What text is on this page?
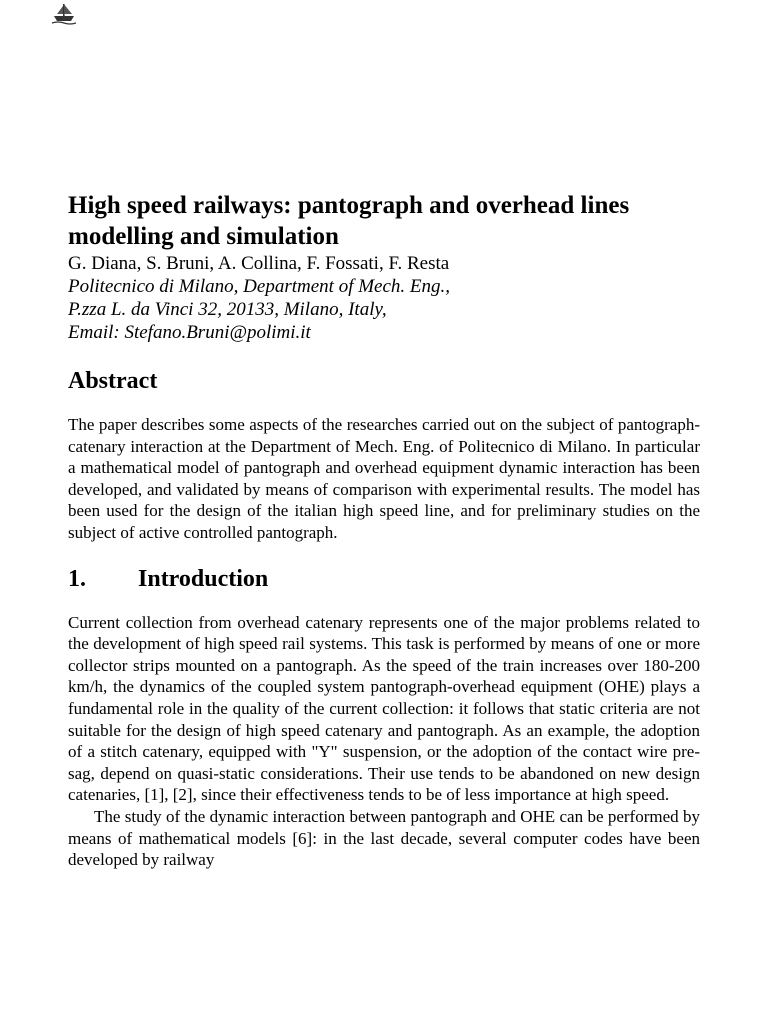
High speed railways: pantograph and overhead lines modelling and simulation

G. Diana, S. Bruni, A. Collina, F. Fossati, F. Resta

Politecnico di Milano, Department of Mech. Eng.,

P.zza L. da Vinci 32, 20133, Milano, Italy,

Email: Stefano.Bruni@polimi.it

Abstract

The paper describes some aspects of the researches carried out on the subject of pantograph-catenary interaction at the Department of Mech. Eng. of Politecnico di Milano. In particular a mathematical model of pantograph and overhead equipment dynamic interaction has been developed, and validated by means of comparison with experimental results. The model has been used for the design of the italian high speed line, and for preliminary studies on the subject of active controlled pantograph.

1.	Introduction

Current collection from overhead catenary represents one of the major problems related to the development of high speed rail systems. This task is performed by means of one or more collector strips mounted on a pantograph. As the speed of the train increases over 180-200 km/h, the dynamics of the coupled system pantograph-overhead equipment (OHE) plays a fundamental role in the quality of the current collection: it follows that static criteria are not suitable for the design of high speed catenary and pantograph. As an example, the adoption of a stitch catenary, equipped with "Y" suspension, or the adoption of the contact wire pre-sag, depend on quasi-static considerations. Their use tends to be abandoned on new design catenaries, [1], [2], since their effectiveness tends to be of less importance at high speed.

The study of the dynamic interaction between pantograph and OHE can be performed by means of mathematical models [6]: in the last decade, several computer codes have been developed by railway
